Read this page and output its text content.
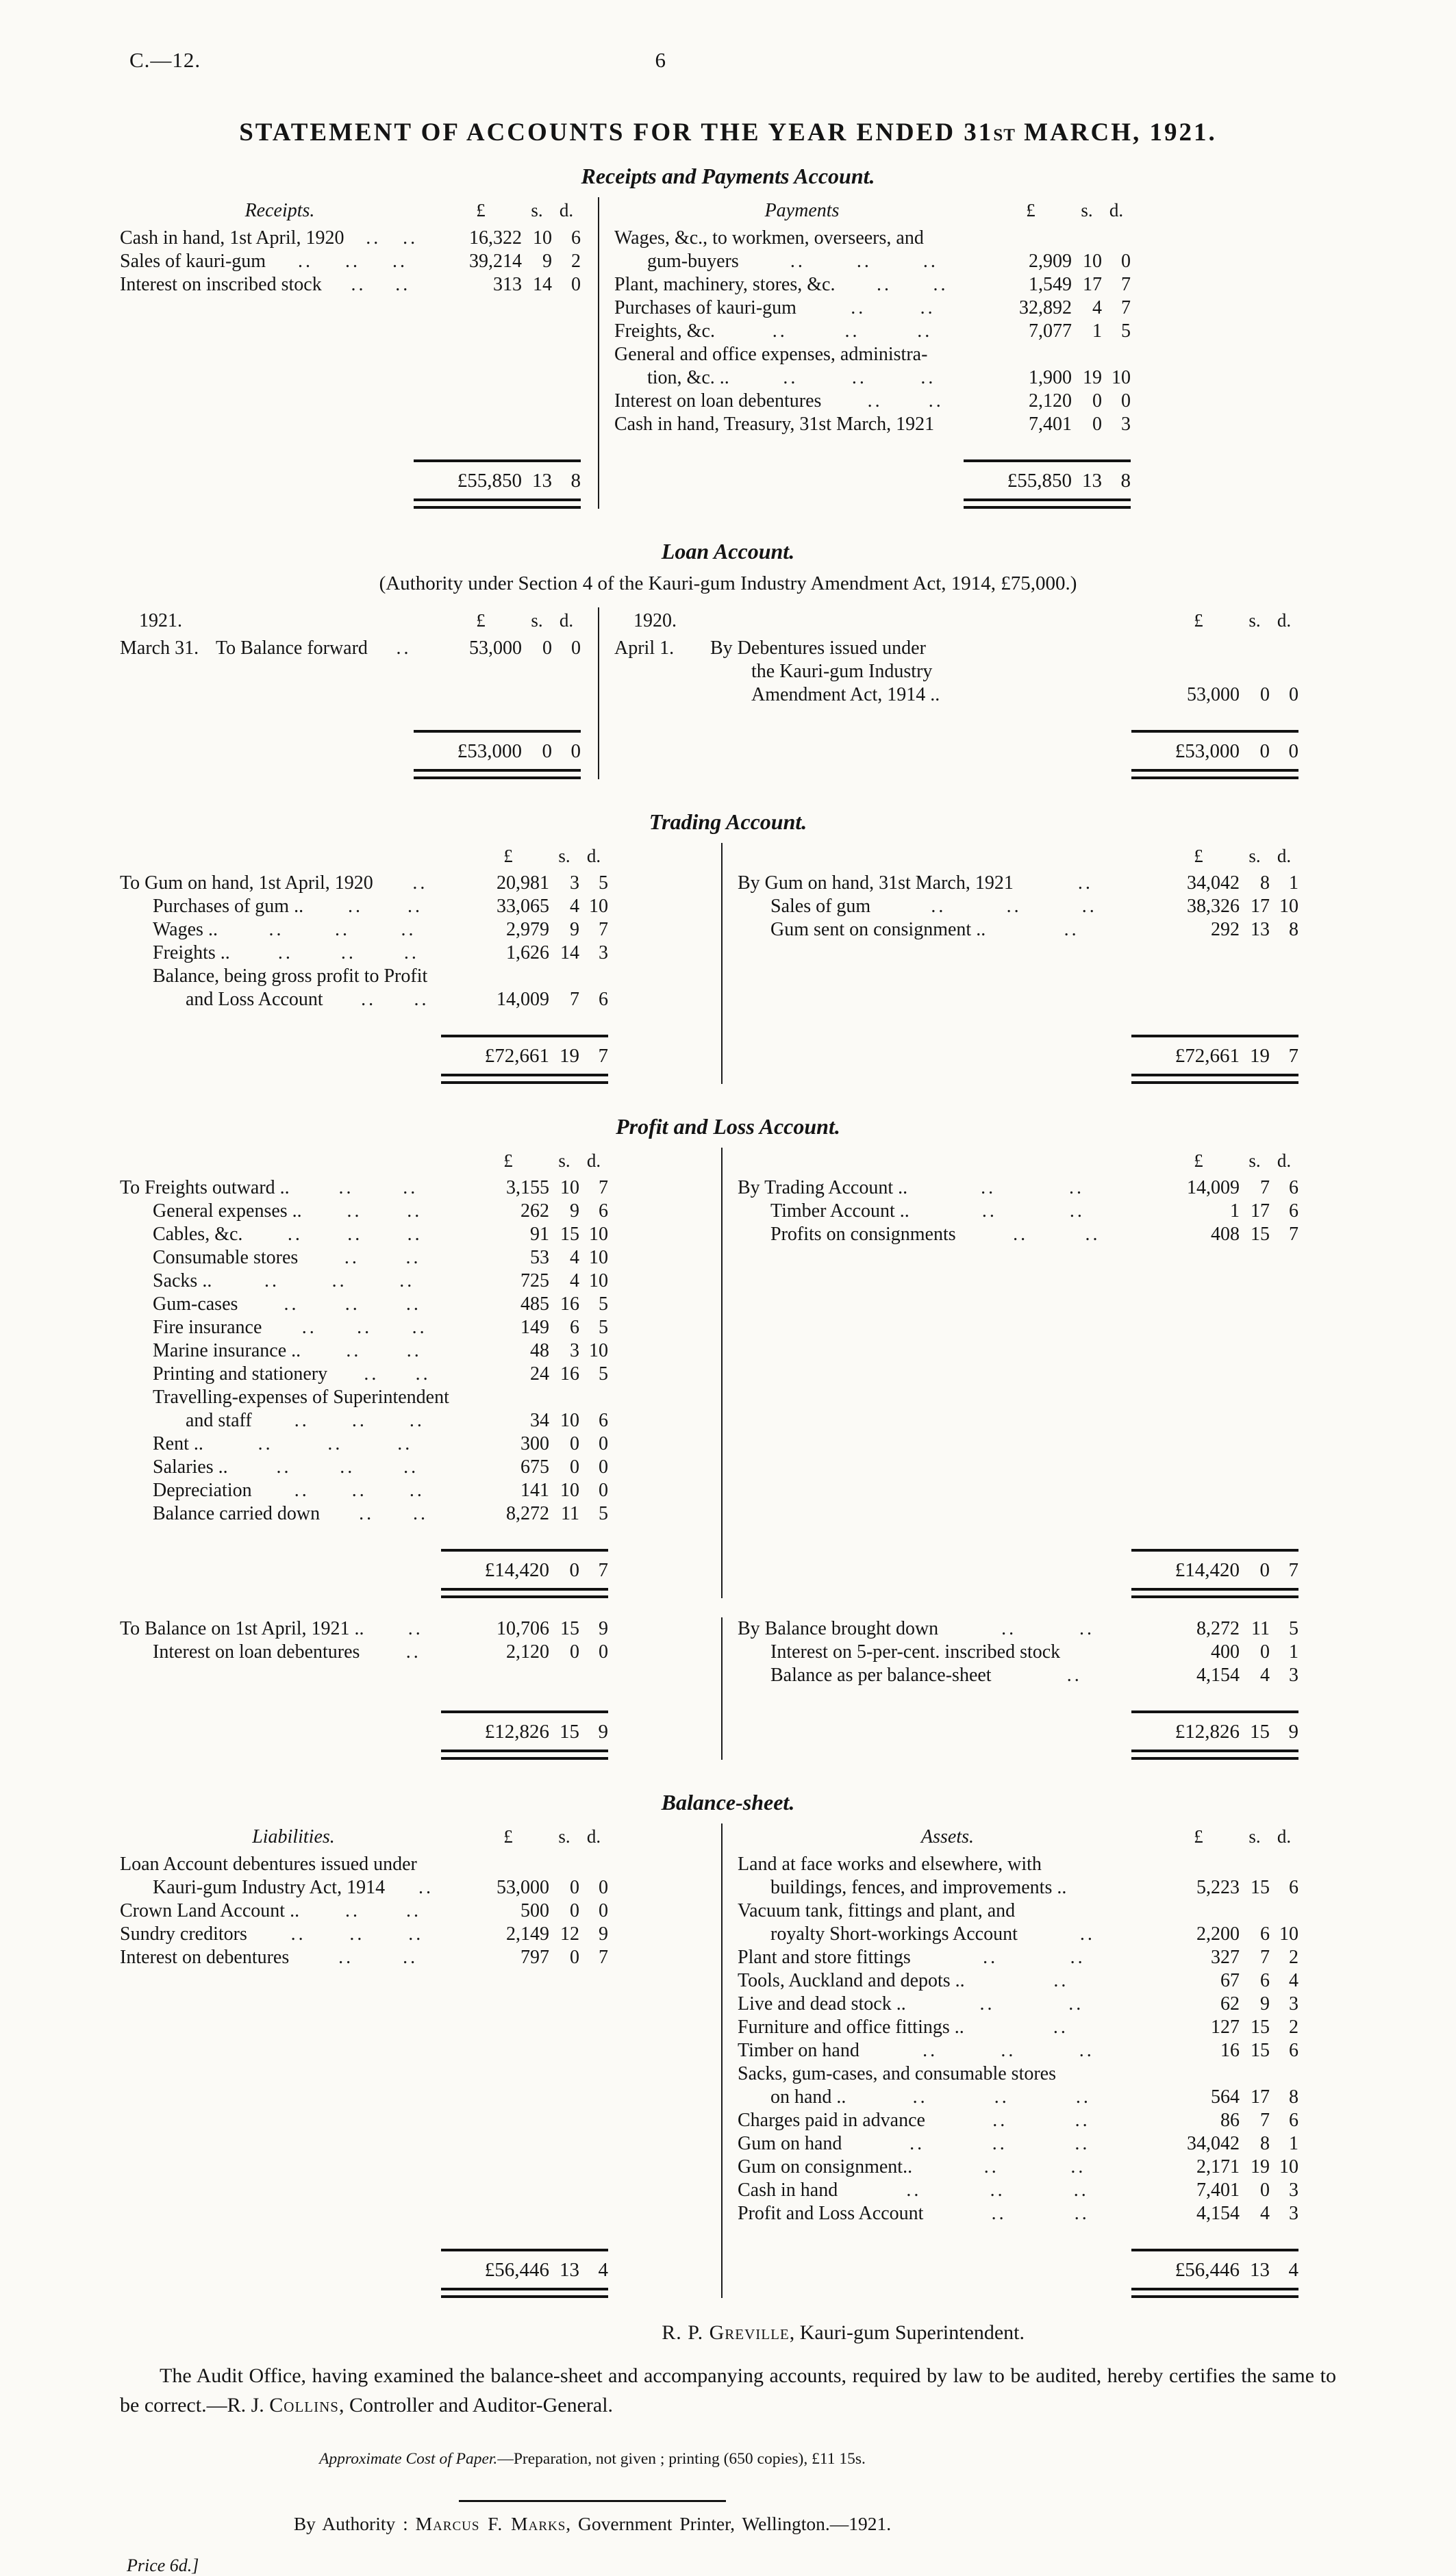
C.—12.	6
STATEMENT OF ACCOUNTS FOR THE YEAR ENDED 31ST MARCH, 1921.
Receipts and Payments Account.
Receipts.	£	s. d.
Cash in hand, 1st April, 1920 .. ..	16,322 10	6
Sales of kauri-gum .. .. ..	39,214	9	2
Interest on inscribed stock .. ..	313 14	0
£55,850 13 8
Payments	£	s. d.
Wages, &c., to workmen, overseers, and
gum-buyers	..	..	..	2,909 10	0
Plant, machinery, stores, &c. .. ..	1,549 17	7
Purchases of kauri-gum	..	..	32,892	4	7
Freights, &c.	..	..	..	7,077	1	5
General and office expenses, administra-
tion, &c. ..	..	..	..	1,900 19 10
Interest on loan debentures .. ..	2,120	0	0
Cash in hand, Treasury, 31st March, 1921	7,401	0	3
£55,850 13 8
Loan Account.
(Authority under Section 4 of the Kauri-gum Industry Amendment Act, 1914, £75,000.)
1921.	£	s. d.
March 31. To Balance forward ..	53,000	0	0
£53,000	0 0
1920.	£	s. d.
April 1.	By Debentures issued under
the Kauri-gum Industry
Amendment Act, 1914 ..	53,000	0	0
£53,000	0 0
Trading Account.
£	s. d.
To Gum on hand, 1st April, 1920 ..	20,981	3	5
Purchases of gum .. .. ..	33,065	4 10
Wages ..	..	..	..	2,979	9	7
Freights ..	..	..	..	1,626 14	3
Balance, being gross profit to Profit
and Loss Account .. ..	14,009	7	6
£72,661 19 7
£	s. d.
By Gum on hand, 31st March, 1921	..	34,042	8	1
Sales of gum	..	..	..	38,326 17 10
Gum sent on consignment ..	..	292 13	8
£72,661 19 7
Profit and Loss Account.
£	s. d.
To Freights outward ..	..	..	3,155 10	7
General expenses .. .. ..	262	9	6
Cables, &c. .. .. ..	91 15 10
Consumable stores .. ..	53	4 10
Sacks ..	..	..	..	725	4 10
Gum-cases .. .. ..	485 16	5
Fire insurance .. .. ..	149	6	5
Marine insurance .. .. ..	48	3 10
Printing and stationery .. ..	24 16	5
Travelling-expenses of Superintendent
and staff .. .. ..	34 10	6
Rent ..	..	..	..	300	0	0
Salaries ..	..	..	..	675	0	0
Depreciation .. .. ..	141 10	0
Balance carried down .. ..	8,272 11	5
£14,420	0 7
£	s. d.
By Trading Account ..	..	..	14,009	7	6
Timber Account ..	..	..	1 17	6
Profits on consignments	..	..	408 15	7
£14,420	0 7
To Balance on 1st April, 1921 .. ..	10,706 15	9
Interest on loan debentures ..	2,120	0	0
£12,826 15 9
By Balance brought down	..	..	8,272 11	5
Interest on 5-per-cent. inscribed stock	400	0	1
Balance as per balance-sheet	..	4,154	4	3
£12,826 15 9
Balance-sheet.
Liabilities.	£	s. d.
Loan Account debentures issued under
Kauri-gum Industry Act, 1914 ..	53,000	0	0
Crown Land Account .. .. ..	500	0	0
Sundry creditors .. .. ..	2,149 12	9
Interest on debentures	..	..	797	0	7
£56,446 13 4
Assets.	£	s. d.
Land at face works and elsewhere, with
buildings, fences, and improvements ..	5,223 15	6
Vacuum tank, fittings and plant, and
royalty Short-workings Account	..	2,200	6 10
Plant and store fittings	..	..	327	7	2
Tools, Auckland and depots ..	..	67	6	4
Live and dead stock ..	..	..	62	9	3
Furniture and office fittings ..	..	127 15	2
Timber on hand	..	..	..	16 15	6
Sacks, gum-cases, and consumable stores
on hand ..	..	..	..	564 17	8
Charges paid in advance	..	..	86	7	6
Gum on hand	..	..	..	34,042	8	1
Gum on consignment..	..	..	2,171 19 10
Cash in hand	..	..	..	7,401	0	3
Profit and Loss Account	..	..	4,154	4	3
£56,446 13 4
R. P. Greville, Kauri-gum Superintendent.
The Audit Office, having examined the balance-sheet and accompanying accounts, required by law to be audited, hereby certifies the same to be correct.—R. J. Collins, Controller and Auditor-General.
Approximate Cost of Paper.—Preparation, not given ; printing (650 copies), £11 15s.
By Authority : Marcus F. Marks, Government Printer, Wellington.—1921.
Price 6d.]
